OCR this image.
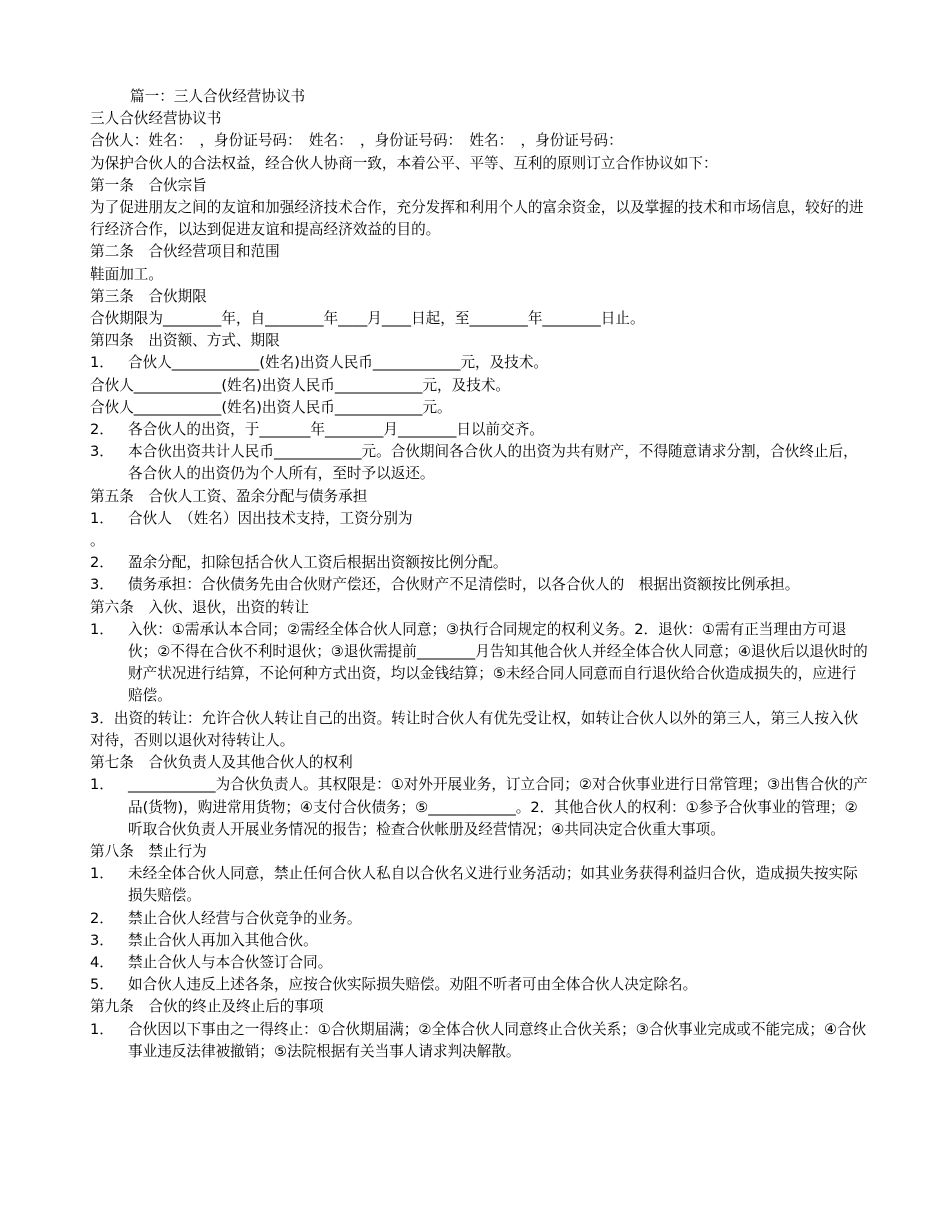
篇一：三人合伙经营协议书
三人合伙经营协议书
合伙人：姓名：　，身份证号码：　姓名：　，身份证号码：　姓名：　，身份证号码：
为保护合伙人的合法权益，经合伙人协商一致，本着公平、平等、互利的原则订立合作协议如下：
第一条　合伙宗旨
为了促进朋友之间的友谊和加强经济技术合作，充分发挥和利用个人的富余资金，以及掌握的技术和市场信息，较好的进行经济合作，以达到促进友谊和提高经济效益的目的。
第二条　合伙经营项目和范围
鞋面加工。
第三条　合伙期限
合伙期限为________年，自________年____月____日起，至________年________日止。
第四条　出资额、方式、期限
1． 合伙人____________(姓名)出资人民币____________元，及技术。
合伙人____________(姓名)出资人民币____________元，及技术。
合伙人____________(姓名)出资人民币____________元。
2． 各合伙人的出资，于_______年________月________日以前交齐。
3． 本合伙出资共计人民币____________元。合伙期间各合伙人的出资为共有财产，不得随意请求分割，合伙终止后，各合伙人的出资仍为个人所有，至时予以返还。
第五条　合伙人工资、盈余分配与债务承担
1． 合伙人　（姓名）因出技术支持，工资分别为
。
2． 盈余分配，扣除包括合伙人工资后根据出资额按比例分配。
3． 债务承担：合伙债务先由合伙财产偿还，合伙财产不足清偿时，以各合伙人的　根据出资额按比例承担。
第六条　入伙、退伙，出资的转让
1． 入伙：①需承认本合同；②需经全体合伙人同意；③执行合同规定的权利义务。2．退伙：①需有正当理由方可退伙；②不得在合伙不利时退伙；③退伙需提前________月告知其他合伙人并经全体合伙人同意；④退伙后以退伙时的财产状况进行结算，不论何种方式出资，均以金钱结算；⑤未经合同人同意而自行退伙给合伙造成损失的，应进行赔偿。
3．出资的转让：允许合伙人转让自己的出资。转让时合伙人有优先受让权，如转让合伙人以外的第三人，第三人按入伙对待，否则以退伙对待转让人。
第七条　合伙负责人及其他合伙人的权利
1． ____________为合伙负责人。其权限是：①对外开展业务，订立合同；②对合伙事业进行日常管理；③出售合伙的产品(货物)，购进常用货物；④支付合伙债务；⑤____________。2．其他合伙人的权利：①参予合伙事业的管理；②听取合伙负责人开展业务情况的报告；检查合伙帐册及经营情况；④共同决定合伙重大事项。
第八条　禁止行为
1． 未经全体合伙人同意，禁止任何合伙人私自以合伙名义进行业务活动；如其业务获得利益归合伙，造成损失按实际损失赔偿。
2． 禁止合伙人经营与合伙竞争的业务。
3． 禁止合伙人再加入其他合伙。
4． 禁止合伙人与本合伙签订合同。
5． 如合伙人违反上述各条，应按合伙实际损失赔偿。劝阻不听者可由全体合伙人决定除名。
第九条　合伙的终止及终止后的事项
1． 合伙因以下事由之一得终止：①合伙期届满；②全体合伙人同意终止合伙关系；③合伙事业完成或不能完成；④合伙事业违反法律被撤销；⑤法院根据有关当事人请求判决解散。
